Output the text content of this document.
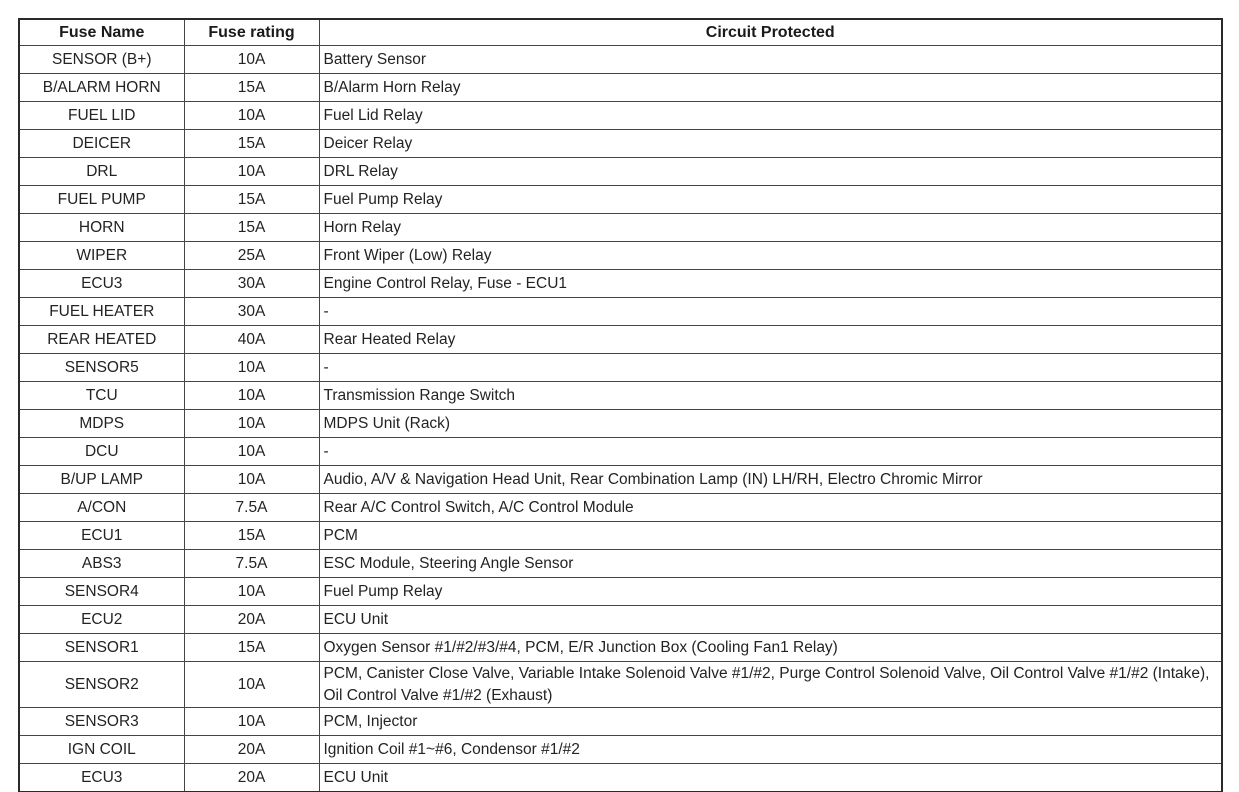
Fuse Name	Fuse rating	Circuit Protected
SENSOR (B+)	10A	Battery Sensor
B/ALARM HORN	15A	B/Alarm Horn Relay
FUEL LID	10A	Fuel Lid Relay
DEICER	15A	Deicer Relay
DRL	10A	DRL Relay
FUEL PUMP	15A	Fuel Pump Relay
HORN	15A	Horn Relay
WIPER	25A	Front Wiper (Low) Relay
ECU3	30A	Engine Control Relay, Fuse - ECU1
FUEL HEATER	30A	-
REAR HEATED	40A	Rear Heated Relay
SENSOR5	10A	-
TCU	10A	Transmission Range Switch
MDPS	10A	MDPS Unit (Rack)
DCU	10A	-
B/UP LAMP	10A	Audio, A/V & Navigation Head Unit, Rear Combination Lamp (IN) LH/RH, Electro Chromic Mirror
A/CON	7.5A	Rear A/C Control Switch, A/C Control Module
ECU1	15A	PCM
ABS3	7.5A	ESC Module, Steering Angle Sensor
SENSOR4	10A	Fuel Pump Relay
ECU2	20A	ECU Unit
SENSOR1	15A	Oxygen Sensor #1/#2/#3/#4, PCM, E/R Junction Box (Cooling Fan1 Relay)
SENSOR2	10A	PCM, Canister Close Valve, Variable Intake Solenoid Valve #1/#2, Purge Control Solenoid Valve, Oil Control Valve #1/#2 (Intake), Oil Control Valve #1/#2 (Exhaust)
SENSOR3	10A	PCM, Injector
IGN COIL	20A	Ignition Coil #1~#6, Condensor #1/#2
ECU3	20A	ECU Unit
